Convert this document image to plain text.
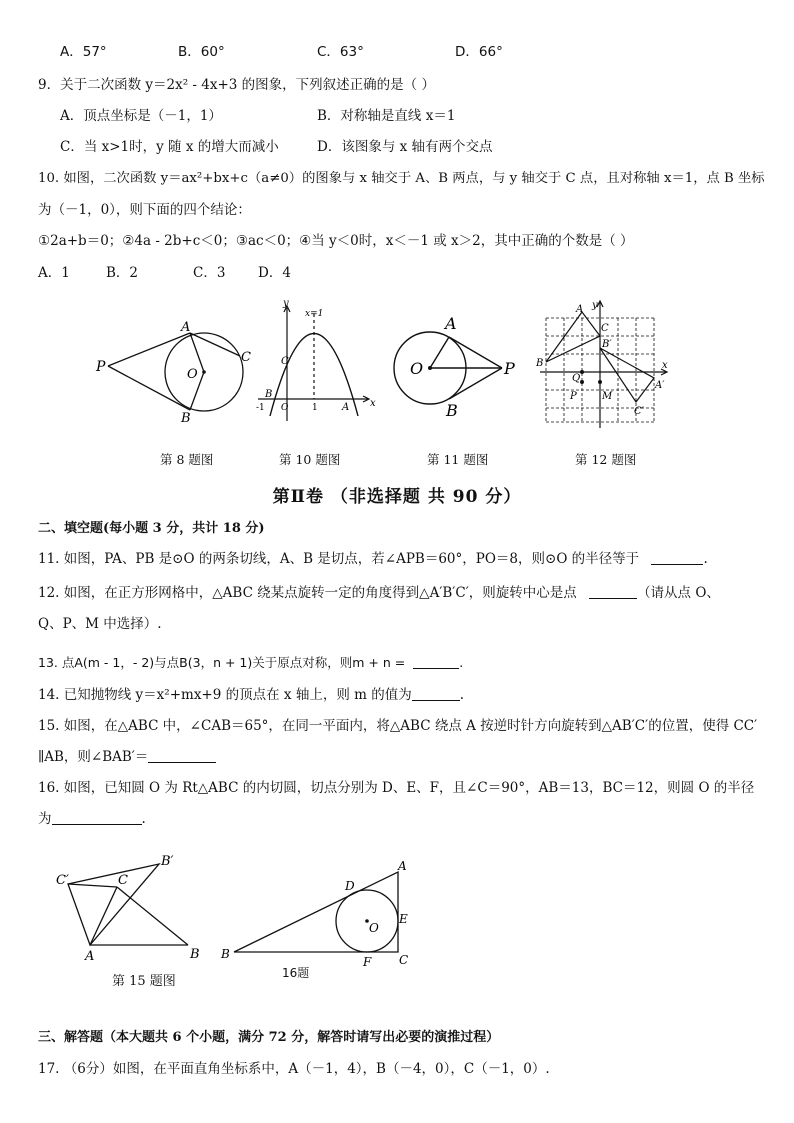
A．57°	B．60°	C．63°	D．66°
9．关于二次函数 y＝2x² - 4x+3 的图象，下列叙述正确的是（ ）
A．顶点坐标是（－1，1）	B．对称轴是直线 x＝1
C．当 x>1时，y 随 x 的增大而减小	D．该图象与 x 轴有两个交点
10. 如图，二次函数 y＝ax²+bx+c（a≠0）的图象与 x 轴交于 A、B 两点，与 y 轴交于 C 点，且对称轴 x＝1，点 B 坐标
为（－1，0），则下面的四个结论：
①2a+b＝0；②4a - 2b+c＜0；③ac＜0；④当 y＜0时，x＜－1 或 x＞2，其中正确的个数是（ ）
A．1	B．2	C．3 D．4
P
A
B
C
O
y
x
x=1
C
B
A
-1 O	1
A
O	P
B
A y
C
B′
B
Q
x
A′
P	M
C′
第 8 题图	第 10 题图	第 11 题图	第 12 题图
第Ⅱ卷 （非选择题 共 90 分）
二、填空题(每小题 3 分，共计 18 分)
11. 如图，PA、PB 是⊙O 的两条切线，A、B 是切点，若∠APB＝60°，PO＝8，则⊙O 的半径等于	.
12. 如图，在正方形网格中，△ABC 绕某点旋转一定的角度得到△A′B′C′，则旋转中心是点	（请从点 O、
Q、P、M 中选择）.
13. 点A(m - 1，- 2)与点B(3，n + 1)关于原点对称，则m + n =	.
14. 已知抛物线 y＝x²+mx+9 的顶点在 x 轴上，则 m 的值为	.
15. 如图，在△ABC 中，∠CAB＝65°，在同一平面内，将△ABC 绕点 A 按逆时针方向旋转到△AB′C′的位置，使得 CC′
∥AB，则∠BAB′＝
16. 如图，已知圆 O 为 Rt△ABC 的内切圆，切点分别为 D、E、F，且∠C＝90°，AB＝13，BC＝12，则圆 O 的半径
为	.
C′	C
B′
A	B
A
D
E
O
B
F C
第 15 题图
16题
三、解答题（本大题共 6 个小题，满分 72 分，解答时请写出必要的演推过程）
17. （6分）如图，在平面直角坐标系中，A（－1，4），B（－4，0），C（－1，0）.
